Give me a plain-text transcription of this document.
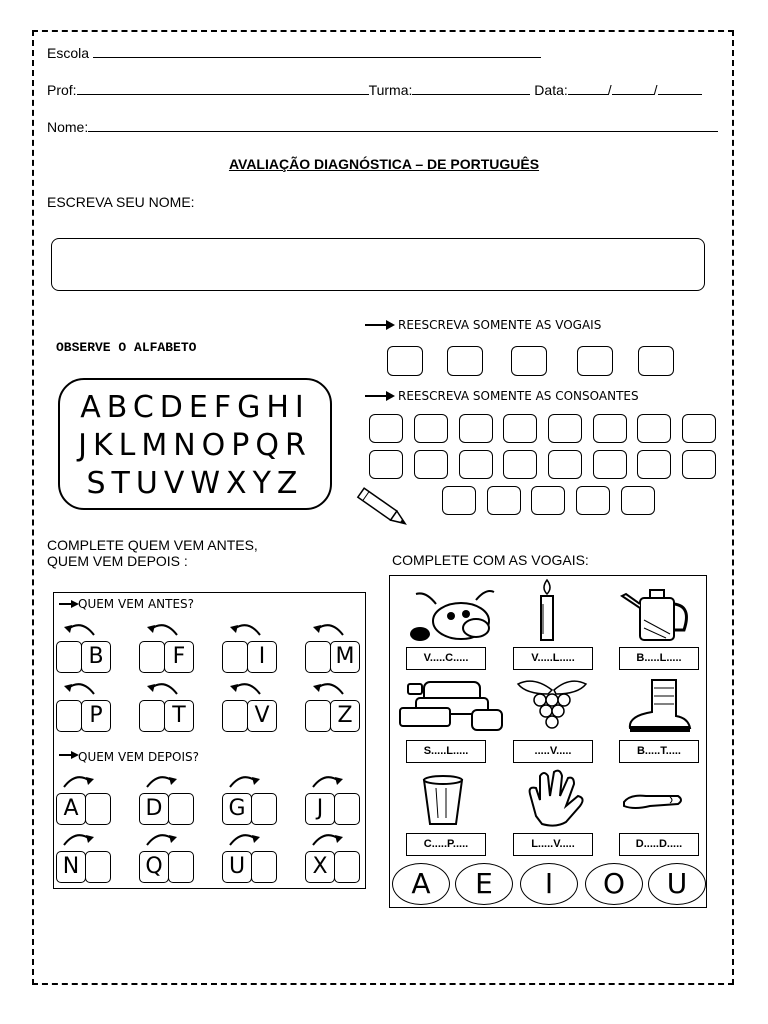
Escola
Prof:	Turma:	Data:	/	/
Nome:
AVALIAÇÃO DIAGNÓSTICA – DE PORTUGUÊS
ESCREVA SEU NOME:
OBSERVE O ALFABETO
ABCDEFGHI
JKLMNOPQR
STUVWXYZ
REESCREVA SOMENTE AS VOGAIS
REESCREVA SOMENTE AS CONSOANTES
COMPLETE QUEM VEM ANTES,
QUEM VEM DEPOIS :
QUEM VEM ANTES?
QUEM VEM DEPOIS?
B	F	I	M
P	T	V	Z
A	D	G	J
N	Q	U	X
COMPLETE COM AS VOGAIS:
V.....C.....	V.....L.....	B.....L.....
S.....L.....	.....V.....	B.....T.....
C.....P.....	L.....V.....	D.....D.....
A	E	I	O	U
